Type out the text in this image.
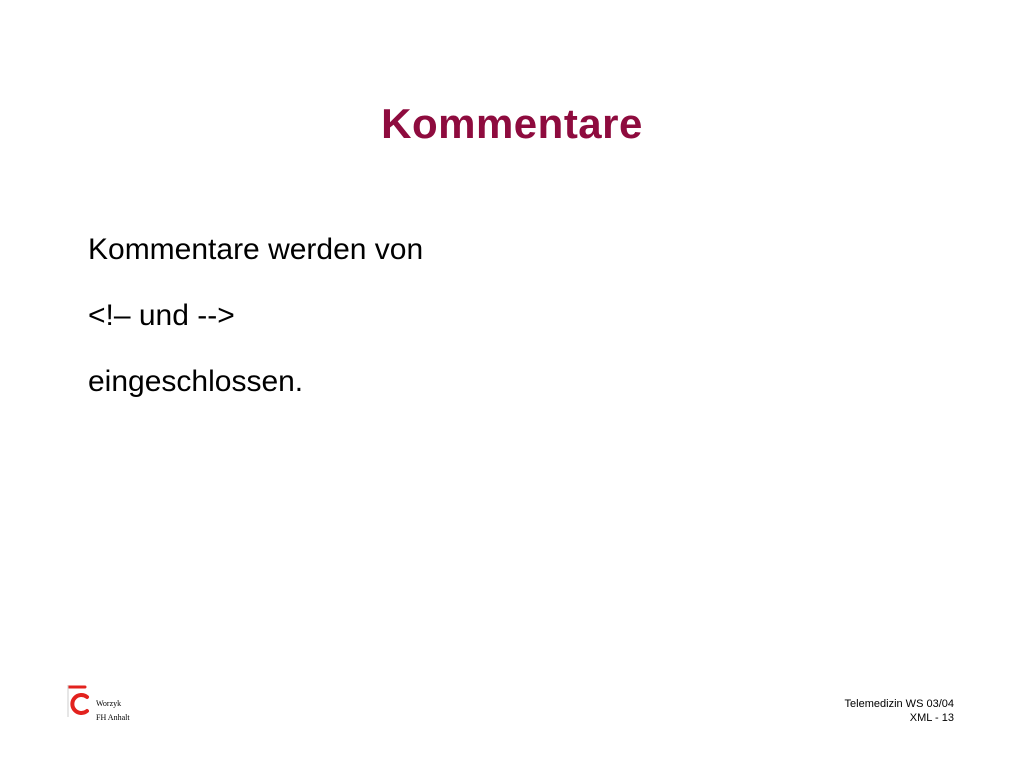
Kommentare
Kommentare werden von
<!– und -->
eingeschlossen.
Worzyk
FH Anhalt
Telemedizin WS 03/04
XML - 13
